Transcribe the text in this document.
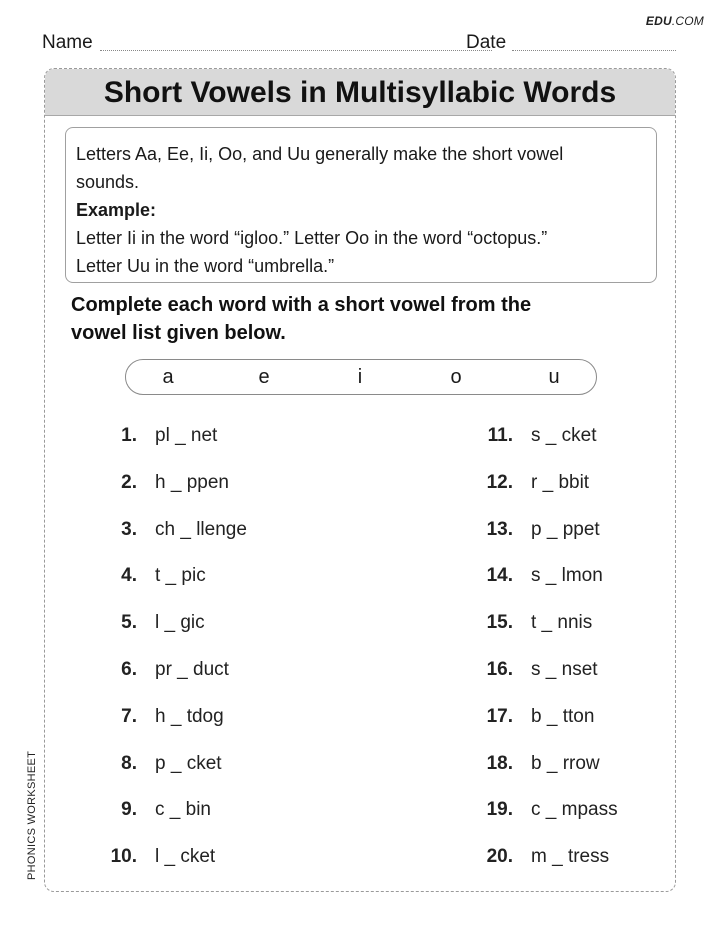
EDU.COM
Name	Date
Short Vowels in Multisyllabic Words
Letters Aa, Ee, Ii, Oo, and Uu generally make the short vowel
sounds.
Example:
Letter Ii in the word “igloo.” Letter Oo in the word “octopus.”
Letter Uu in the word “umbrella.”
Complete each word with a short vowel from the
vowel list given below.
a	e	i	o	u
1. pl _ net
2. h _ ppen
3. ch _ llenge
4. t _ pic
5. l _ gic
6. pr _ duct
7. h _ tdog
8. p _ cket
9. c _ bin
10. l _ cket
11. s _ cket
12. r _ bbit
13. p _ ppet
14. s _ lmon
15. t _ nnis
16. s _ nset
17. b _ tton
18. b _ rrow
19. c _ mpass
20. m _ tress
PHONICS WORKSHEET
